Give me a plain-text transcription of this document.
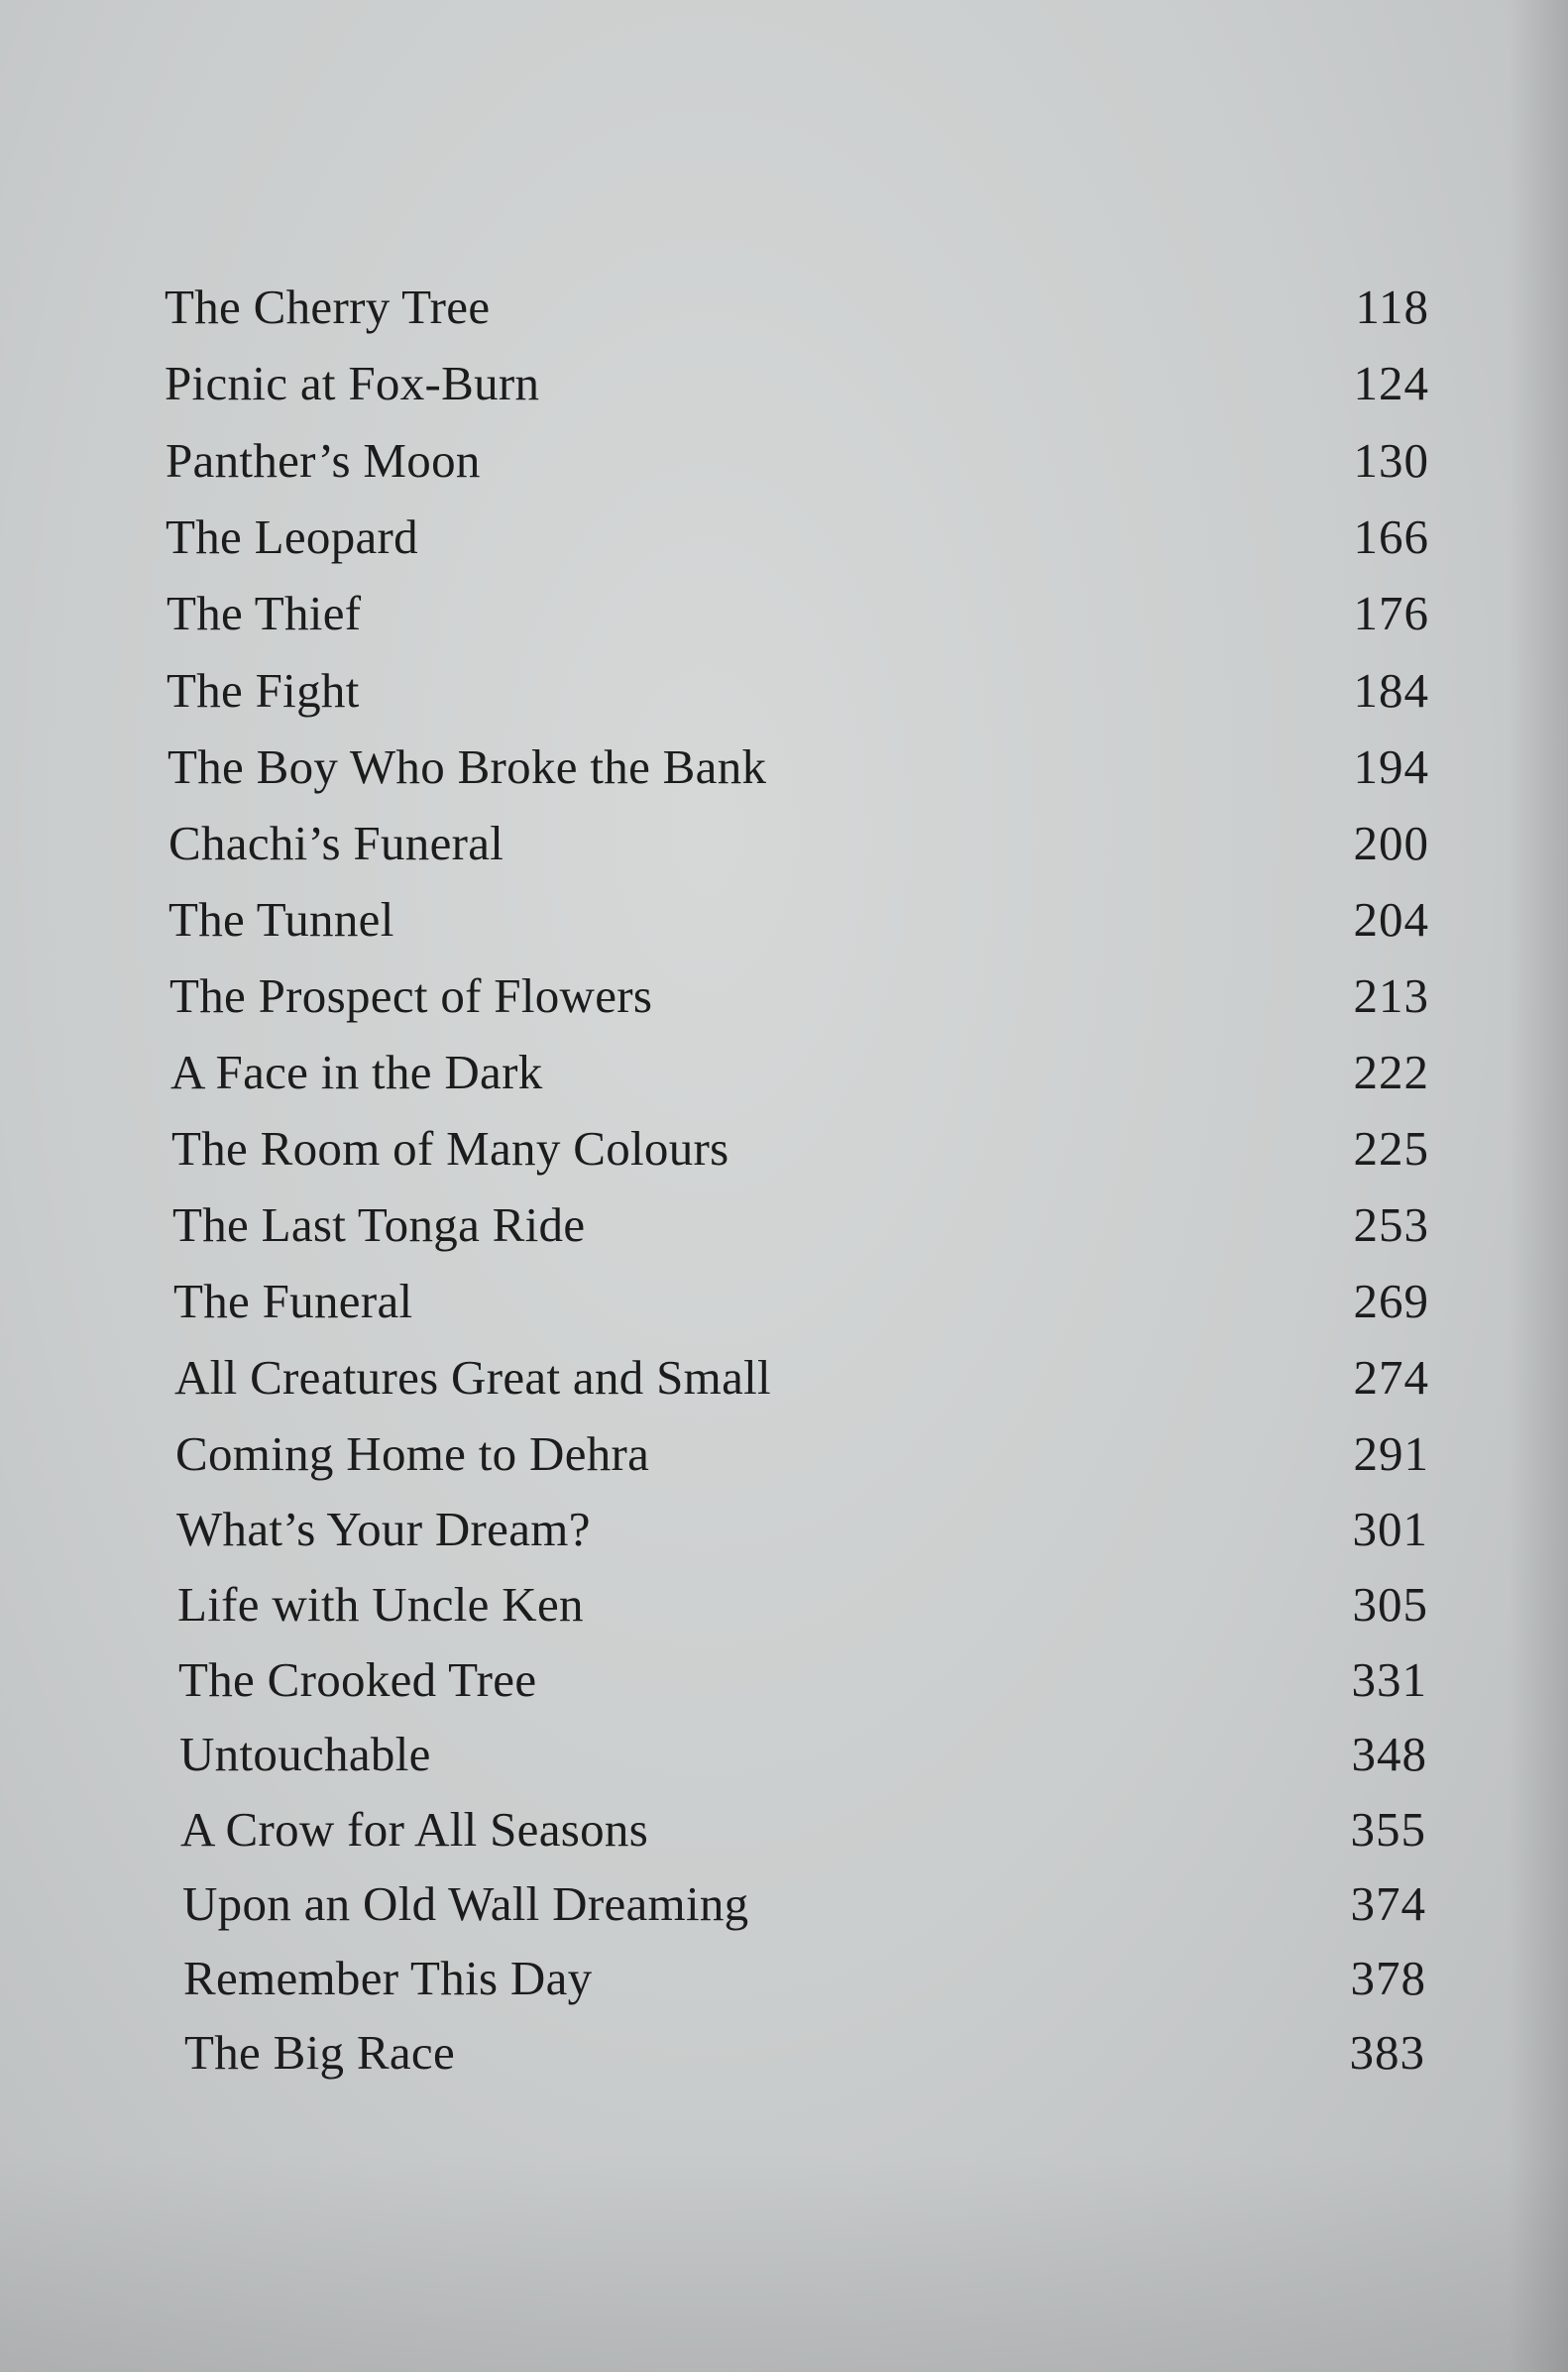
The Cherry Tree	118
Picnic at Fox-Burn	124
Panther’s Moon	130
The Leopard	166
The Thief	176
The Fight	184
The Boy Who Broke the Bank	194
Chachi’s Funeral	200
The Tunnel	204
The Prospect of Flowers	213
A Face in the Dark	222
The Room of Many Colours	225
The Last Tonga Ride	253
The Funeral	269
All Creatures Great and Small	274
Coming Home to Dehra	291
What’s Your Dream?	301
Life with Uncle Ken	305
The Crooked Tree	331
Untouchable	348
A Crow for All Seasons	355
Upon an Old Wall Dreaming	374
Remember This Day	378
The Big Race	383
